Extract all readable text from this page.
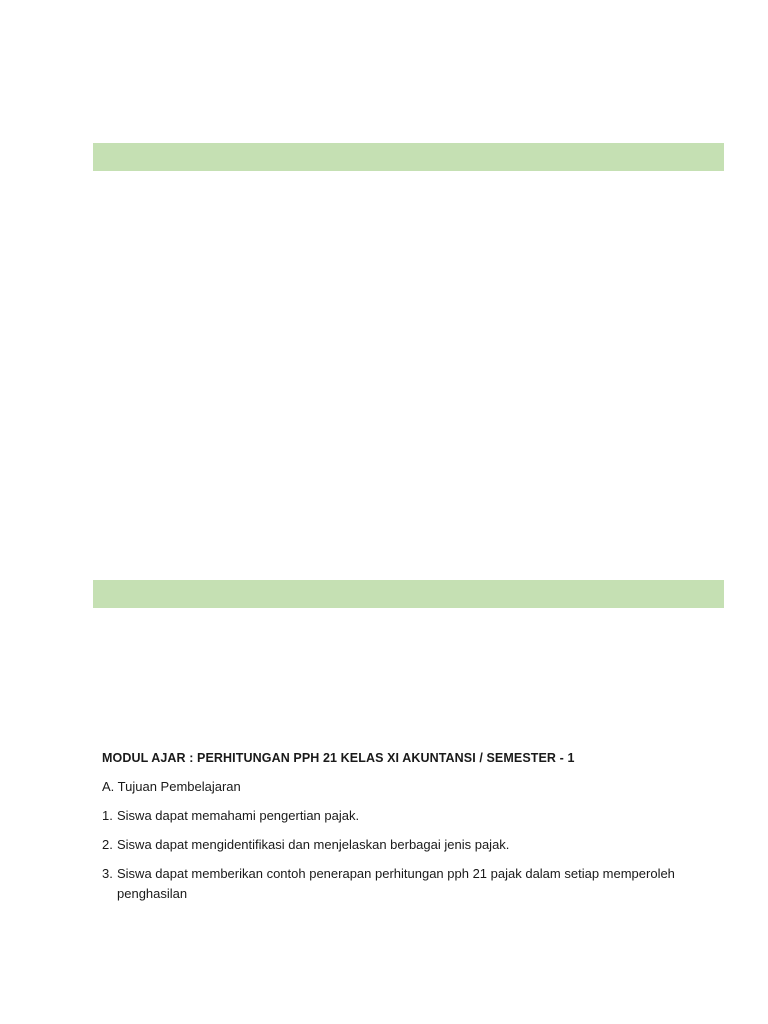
MODUL AJAR : PERHITUNGAN PPH 21 KELAS XI AKUNTANSI / SEMESTER - 1

A. Tujuan Pembelajaran

1. Siswa dapat memahami pengertian pajak.
2. Siswa dapat mengidentifikasi dan menjelaskan berbagai jenis pajak.
3. Siswa dapat memberikan contoh penerapan perhitungan pph 21 pajak dalam setiap memperoleh penghasilan
